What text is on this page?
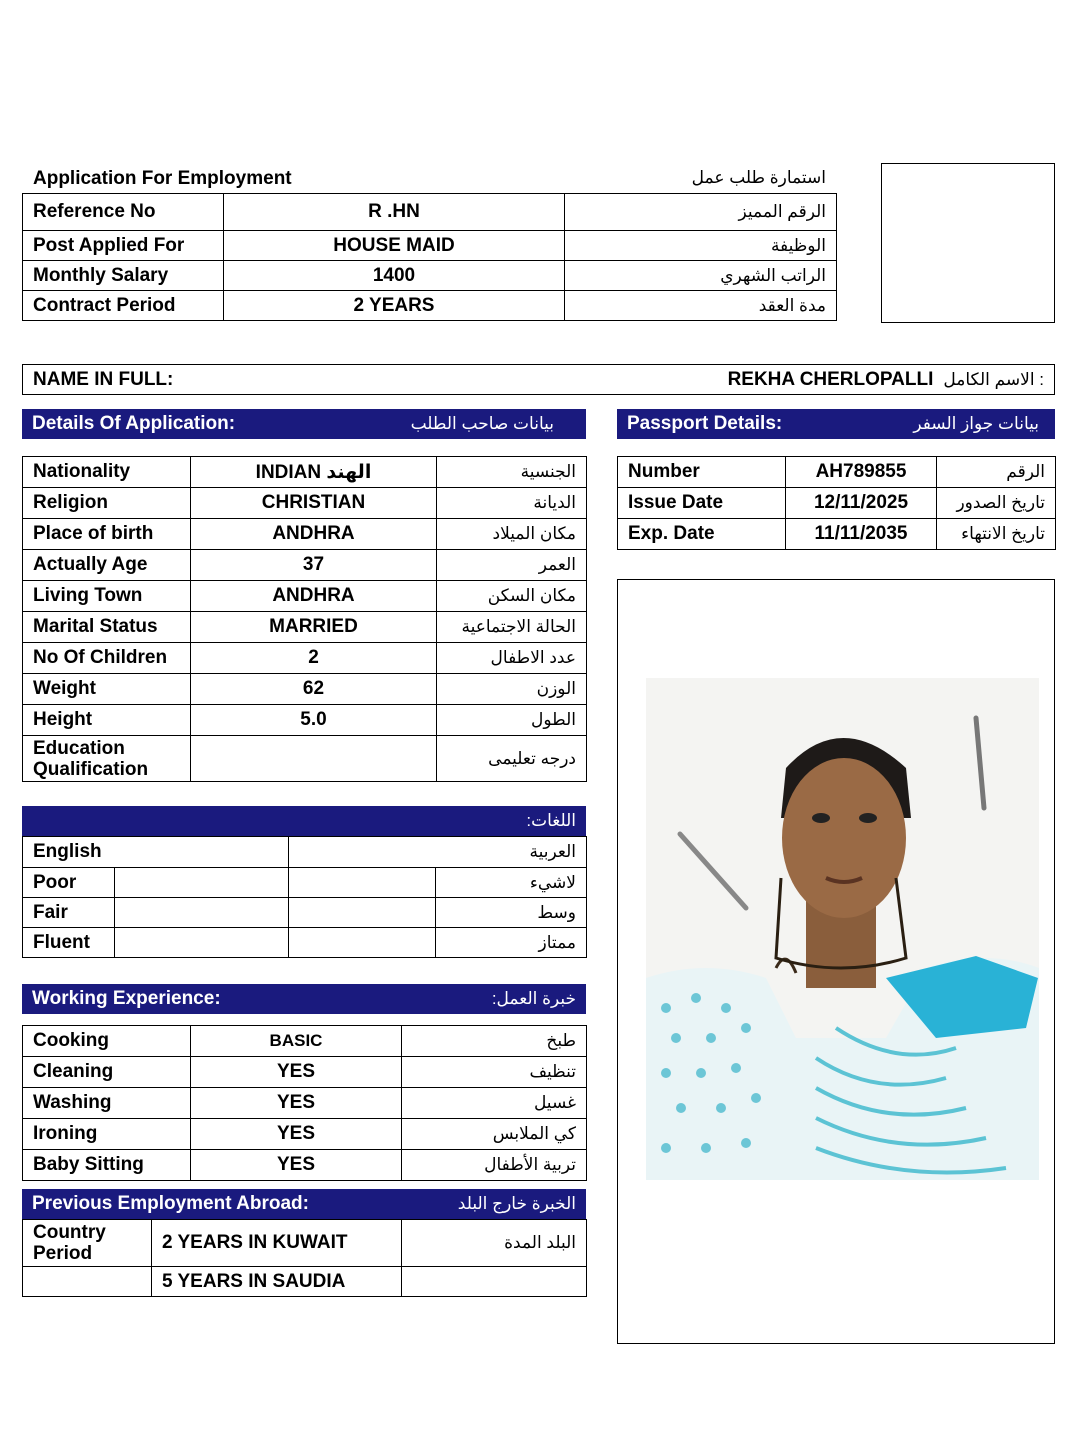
Application For Employment	استمارة طلب عمل
Reference No	R .HN	الرقم المميز
Post Applied For	HOUSE MAID	الوظيفة
Monthly Salary	1400	الراتب الشهري
Contract Period	2 YEARS	مدة العقد
NAME IN FULL:	REKHA CHERLOPALLI : الاسم الكامل
Details Of Application:	بيانات صاحب الطلب	Passport Details:	بيانات جواز السفر
Nationality	INDIAN الهند	الجنسية
Religion	CHRISTIAN	الديانة
Place of birth	ANDHRA	مكان الميلاد
Actually Age	37	العمر
Living Town	ANDHRA	مكان السكن
Marital Status	MARRIED	الحالة الاجتماعية
No Of Children	2	عدد الاطفال
Weight	62	الوزن
Height	5.0	الطول

Education
Qualification		درجه تعليمى
Number	AH789855	الرقم
Issue Date	12/11/2025	تاريخ الصدور
Exp. Date	11/11/2035	تاريخ الانتهاء
اللغات:
English		العربية	
Poor			لاشيء
Fair			وسط
Fluent			ممتاز
Working Experience:	خبرة العمل:
Cooking	BASIC	طبخ
Cleaning	YES	تنظيف
Washing	YES	غسيل
Ironing	YES	كي الملابس
Baby Sitting	YES	تربية الأطفال
Previous Employment Abroad:	الخبرة خارج البلد
Country
Period	2 YEARS IN KUWAIT	البلد المدة
	5 YEARS IN SAUDIA	
